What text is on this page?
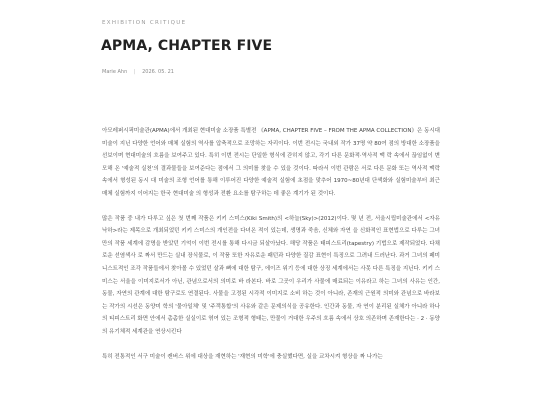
EXHIBITION CRITIQUE
APMA, CHAPTER FIVE
Marie Ahn | 2026. 05. 21

아모레퍼시픽미술관(APMA)에서 개최된 현대미술 소장품 특별전 《APMA, CHAPTER FIVE – FROM THE APMA COLLECTION》은 동시대 미술이 지닌 다양한 언어와 매체 실험의 역사를 압축적으로 조망하는 자리이다. 이번 전시는 국내외 작가 37명 약 80여 점의 방대한 소장품을 선보이며 현대미술의 흐름을 보여주고 있다. 특히 이번 전시는 단일한 형식에 갇히지 않고, 각기 다른 문화적·역사적 맥 락 속에서 끊임없이 변모해 온 '예술적 실천'의 결과물들을 보여준다는 점에서 그 의미를 찾을 수 있을 것이다. 따라서 이번 관람은 서로 다른 문화 또는 역사적 맥락 속에서 형성된 동시 대 미술의 조형 언어를 통해 이루어진 다양한 예술적 실험에 초점을 맞추어 1970~80년대 단색화와 실험미술부터 최근 매체 실험까지 이어지는 한국 현대미술 의 형성과 전환 요소를 탐구하는 데 좋은 계기가 된 것이다.

많은 작품 중 내가 다루고 싶은 첫 번째 작품은 키키 스미스(Kiki Smith)의 <하늘(Sky)>(2012)이다. 몇 년 전, 서울시립미술관에서 <자유 낙하>라는 제목으로 개최되었던 키키 스미스의 개인전을 다녀온 적이 있는데, 생명과 죽음, 신체와 자연 을 신화적인 표현법으로 다루는 그녀만의 작품 세계에 감명을 받았던 기억이 이번 전시를 통해 다시금 되살아났다. 해당 작품은 태피스트리(tapestry) 기법으로 제작되었다. 다채로운 선염색사 로 짜서 만드는 실내 장식물로, 이 작품 또한 자유로운 패턴과 다양한 질감 표현이 특징으로 그려내 드러난다. 과거 그녀의 페미니스트적인 조각 작품들에서 찾아볼 수 있었던 살과 뼈에 대한 탐구, 에이즈 위기 등에 대한 상징 세계에서는 사못 다른 특징을 지닌다. 키키 스미스는 서울을 이미지로서가 아닌, 관념으로서의 의미로 바 라본다. 바로 그곳이 우리가 사물에 매료되는 이유라고 하는 그녀의 사유는 인간, 동물, 자연의 관계에 대한 탐구로도 연결된다. 사물을 고정된 시각적 이미지로 소비 하는 것이 아니라, 존재의 근원적 의미와 관념으로 바라보는 작가의 시선은 동양미 학의 '물아일체' 및 '주객통합'의 사유와 같은 문제의식을 공유한다. 인간과 동물, 자 연이 분리된 실체가 아니라 하나의 티피스트리 화면 안에서 촘촘한 실실이로 엮여 있는 조형적 형태는, 만물이 거대한 우주의 흐름 속에서 상호 의존하며 존재한다는 · 2 · 동양의 유기체적 세계관을 연상시킨다

특히 전통적인 서구 미술이 캔버스 위에 대상을 재현하는 '재현의 미학'에 충실했다면, 실을 교차시켜 형상을 짜 나가는
